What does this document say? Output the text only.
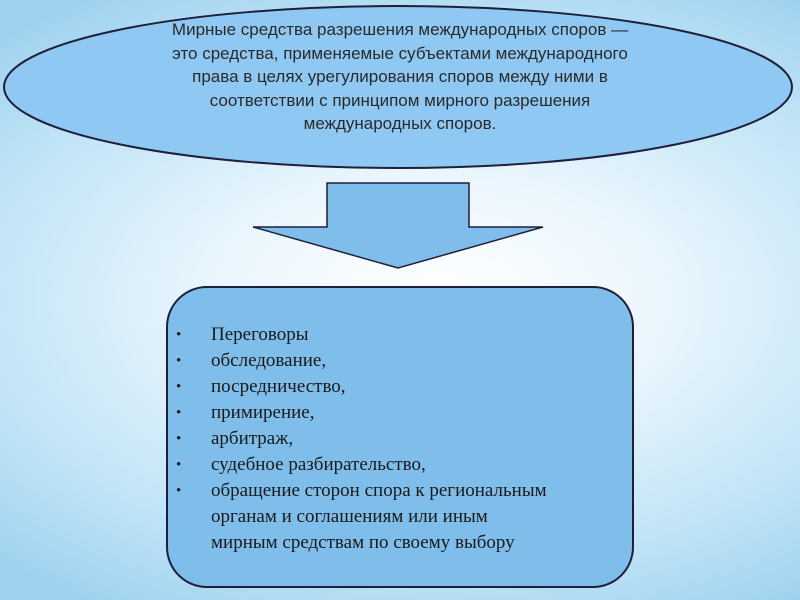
Мирные средства разрешения международных споров —
это средства, применяемые субъектами международного
права в целях урегулирования споров между ними в
соответствии с принципом мирного разрешения
международных споров.
• Переговоры
• обследование,
• посредничество,
• примирение,
• арбитраж,
• судебное разбирательство,
• обращение сторон спора к региональным
органам и соглашениям или иным
мирным средствам по своему выбору
